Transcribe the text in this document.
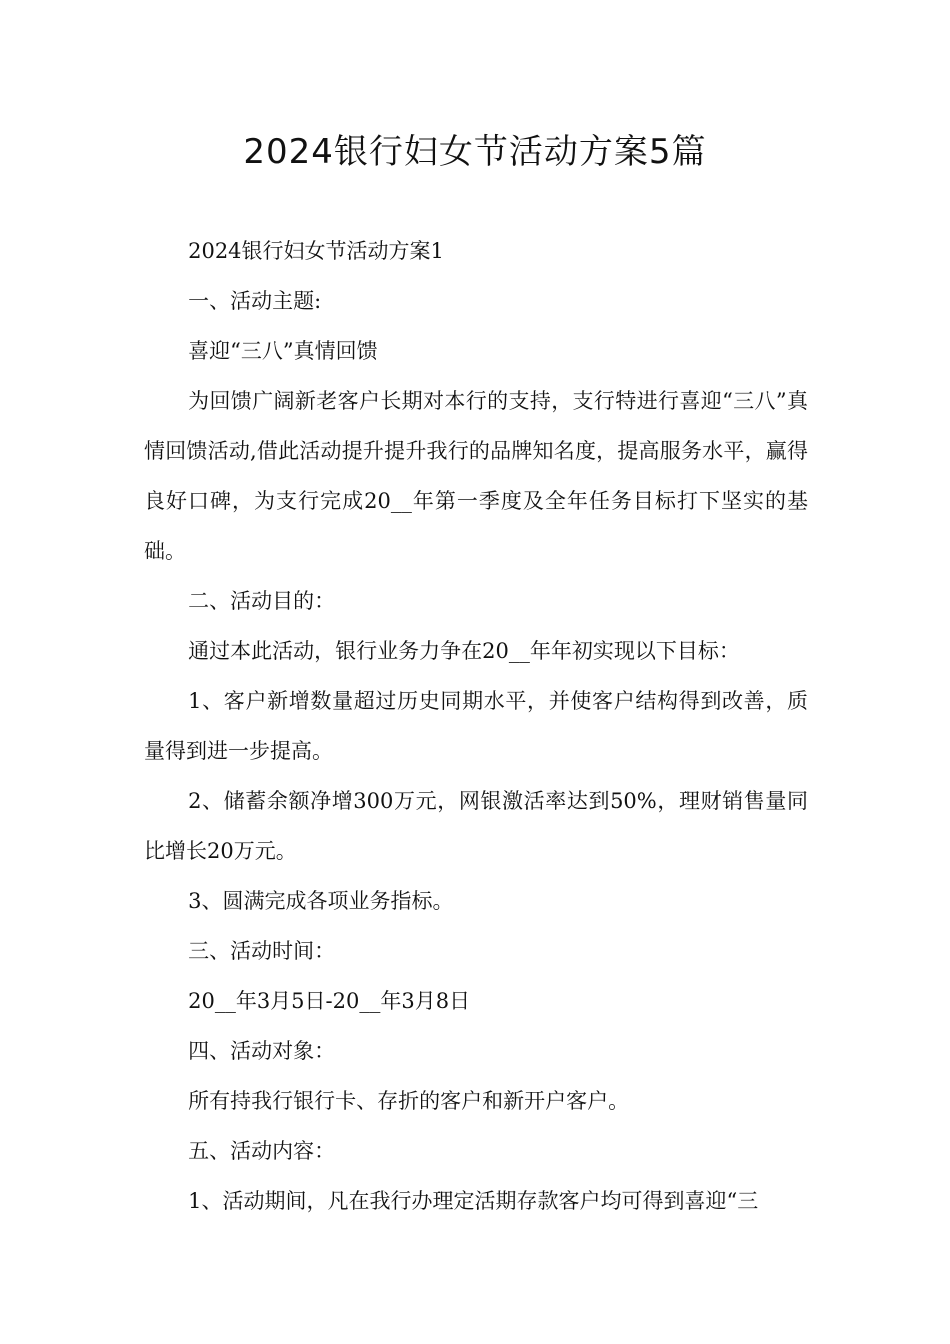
2024银行妇女节活动方案5篇

2024银行妇女节活动方案1

一、活动主题:

喜迎“三八”真情回馈

为回馈广阔新老客户长期对本行的支持，支行特进行喜迎“三八”真情回馈活动,借此活动提升提升我行的品牌知名度，提高服务水平，赢得良好口碑，为支行完成20__年第一季度及全年任务目标打下坚实的基础。

二、活动目的：

通过本此活动，银行业务力争在20__年年初实现以下目标：

1、客户新增数量超过历史同期水平，并使客户结构得到改善，质量得到进一步提高。

2、储蓄余额净增300万元，网银激活率达到50%，理财销售量同比增长20万元。

3、圆满完成各项业务指标。

三、活动时间：

20__年3月5日-20__年3月8日

四、活动对象：

所有持我行银行卡、存折的客户和新开户客户。

五、活动内容：

1、活动期间，凡在我行办理定活期存款客户均可得到喜迎“三
